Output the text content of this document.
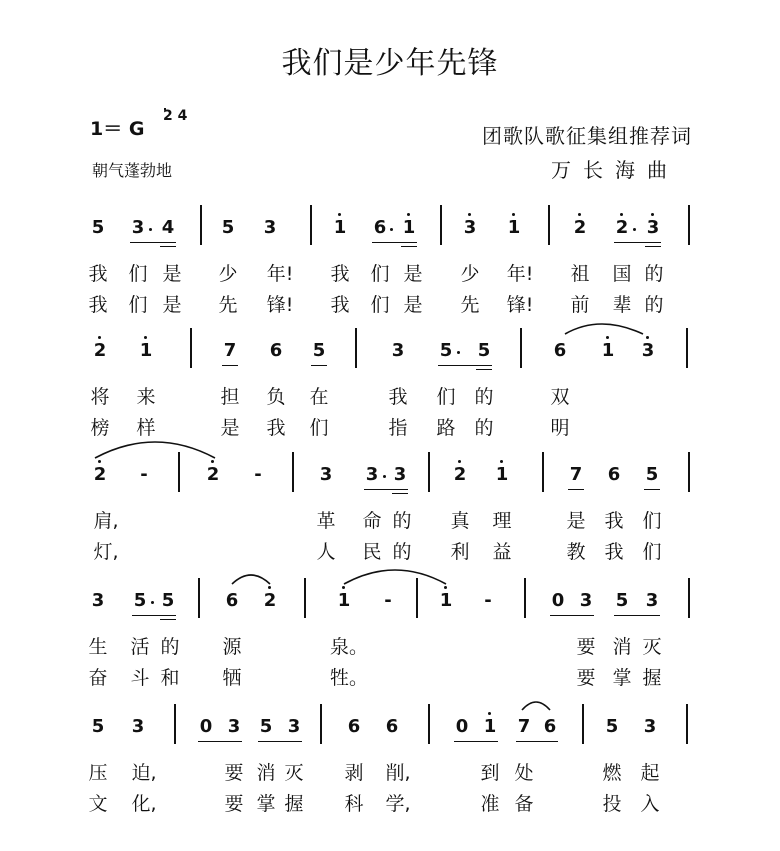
我们是少年先锋
1＝ G
2 4
朝气蓬勃地
团歌队歌征集组推荐词
万长海曲
5 3 4	5 3	1 6 1	3 1	2 2 3
我 们 是 少 年! 我 们 是 少 年! 祖 国 的
我 们 是 先 锋! 我 们 是 先 锋! 前 辈 的
2 1	7 6 5	3 5 5	6 1 3
将 来	担 负 在	我 们 的	双
榜 样	是 我 们	指 路 的	明
2 -	2 -	3 3 3	2 1	7 6 5
肩,	革 命 的 真 理	是 我 们
灯,	人 民 的 利 益	教 我 们
3 5 5	6 2	1 -	1 -	0 3 5 3
生 活 的 源	泉。	要 消 灭
奋 斗 和 牺	牲。	要 掌 握
5 3	0 3 5 3	6 6	0 1 7 6	5 3
压 迫,	要 消 灭 剥 削,	到 处	燃 起
文 化,	要 掌 握 科 学,	准 备	投 入
